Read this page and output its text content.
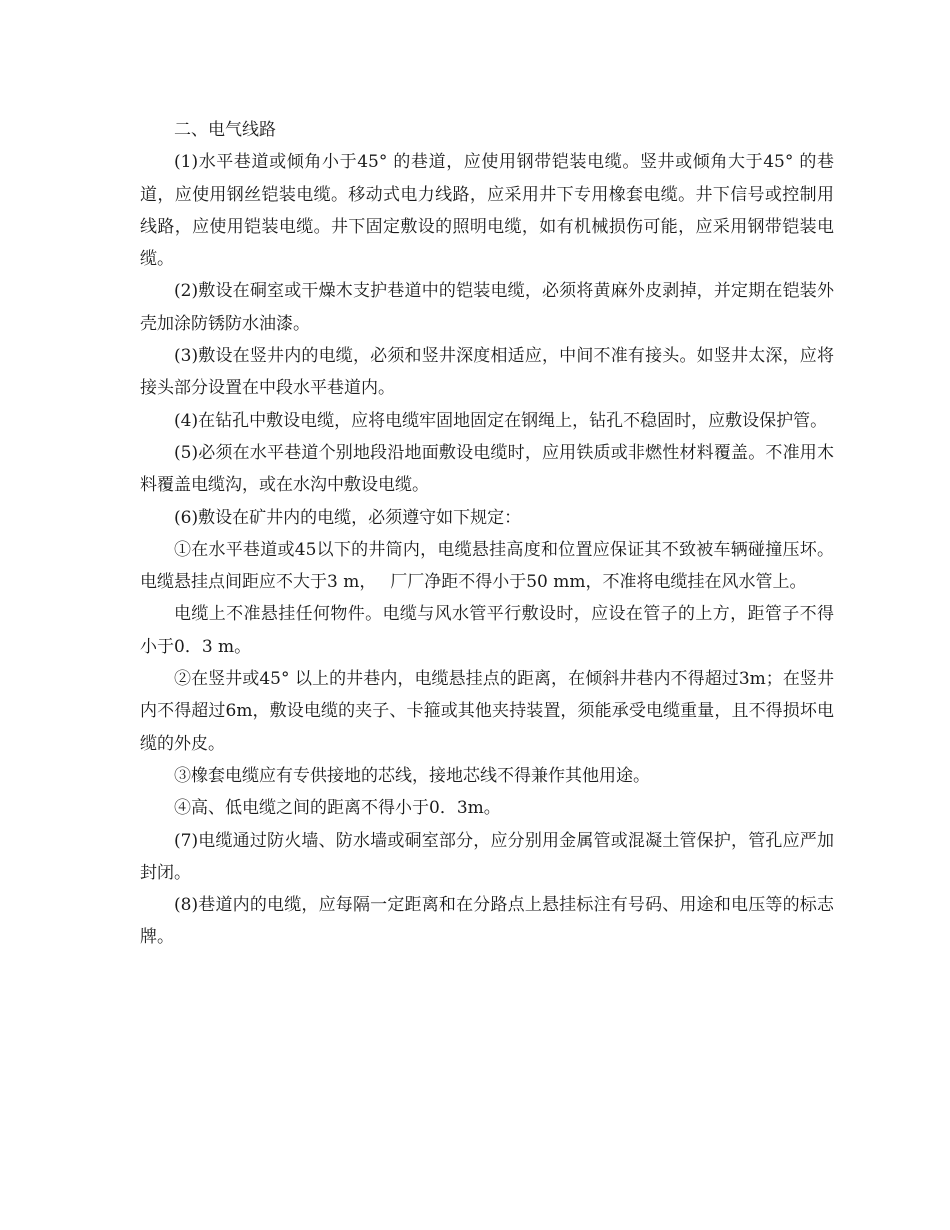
二、电气线路

(1)水平巷道或倾角小于45° 的巷道，应使用钢带铠装电缆。竖井或倾角大于45° 的巷道，应使用钢丝铠装电缆。移动式电力线路，应采用井下专用橡套电缆。井下信号或控制用线路，应使用铠装电缆。井下固定敷设的照明电缆，如有机械损伤可能，应采用钢带铠装电缆。

(2)敷设在硐室或干燥木支护巷道中的铠装电缆，必须将黄麻外皮剥掉，并定期在铠装外壳加涂防锈防水油漆。

(3)敷设在竖井内的电缆，必须和竖井深度相适应，中间不准有接头。如竖井太深，应将接头部分设置在中段水平巷道内。

(4)在钻孔中敷设电缆，应将电缆牢固地固定在钢绳上，钻孔不稳固时，应敷设保护管。

(5)必须在水平巷道个别地段沿地面敷设电缆时，应用铁质或非燃性材料覆盖。不准用木料覆盖电缆沟，或在水沟中敷设电缆。

(6)敷设在矿井内的电缆，必须遵守如下规定：

①在水平巷道或45以下的井筒内，电缆悬挂高度和位置应保证其不致被车辆碰撞压坏。电缆悬挂点间距应不大于3 m，　 厂厂净距不得小于50 mm，不准将电缆挂在风水管上。

电缆上不准悬挂任何物件。电缆与风水管平行敷设时，应设在管子的上方，距管子不得小于0．3 m。

②在竖井或45° 以上的井巷内，电缆悬挂点的距离，在倾斜井巷内不得超过3m；在竖井内不得超过6m，敷设电缆的夹子、卡箍或其他夹持装置，须能承受电缆重量，且不得损坏电缆的外皮。

③橡套电缆应有专供接地的芯线，接地芯线不得兼作其他用途。

④高、低电缆之间的距离不得小于0．3m。

(7)电缆通过防火墙、防水墙或硐室部分，应分别用金属管或混凝土管保护，管孔应严加封闭。

(8)巷道内的电缆，应每隔一定距离和在分路点上悬挂标注有号码、用途和电压等的标志牌。
